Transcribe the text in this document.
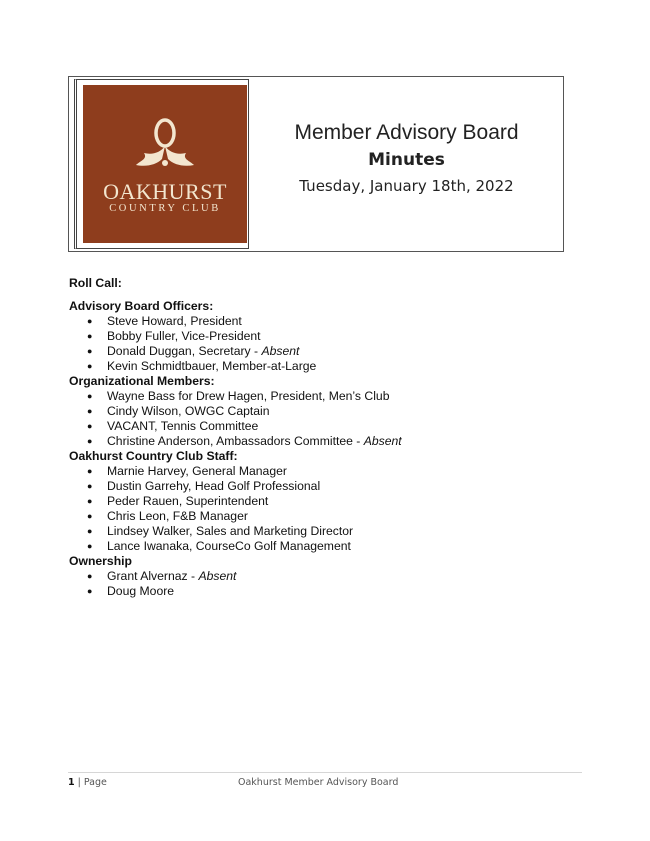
OAKHURST
COUNTRY CLUB
Member Advisory Board
Minutes
Tuesday, January 18th, 2022
Roll Call:
Advisory Board Officers:
● Steve Howard, President
● Bobby Fuller, Vice-President
● Donald Duggan, Secretary - Absent
● Kevin Schmidtbauer, Member-at-Large
Organizational Members:
● Wayne Bass for Drew Hagen, President, Men’s Club
● Cindy Wilson, OWGC Captain
● VACANT, Tennis Committee
● Christine Anderson, Ambassadors Committee - Absent
Oakhurst Country Club Staff:
● Marnie Harvey, General Manager
● Dustin Garrehy, Head Golf Professional
● Peder Rauen, Superintendent
● Chris Leon, F&B Manager
● Lindsey Walker, Sales and Marketing Director
● Lance Iwanaka, CourseCo Golf Management
Ownership
● Grant Alvernaz - Absent
● Doug Moore
1 | Page	Oakhurst Member Advisory Board
